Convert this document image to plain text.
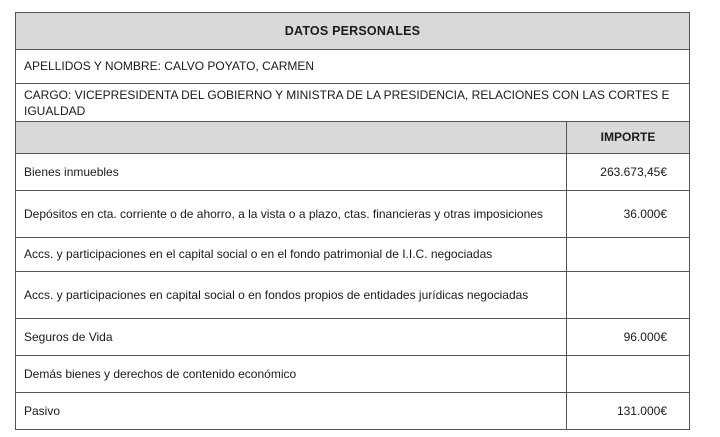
DATOS PERSONALES	
APELLIDOS Y NOMBRE: CALVO POYATO, CARMEN	
CARGO: VICEPRESIDENTA DEL GOBIERNO Y MINISTRA DE LA PRESIDENCIA, RELACIONES CON LAS CORTES E IGUALDAD	
	IMPORTE
Bienes inmuebles	263.673,45€
Depósitos en cta. corriente o de ahorro, a la vista o a plazo, ctas. financieras y otras imposiciones	36.000€
Accs. y participaciones en el capital social o en el fondo patrimonial de I.I.C. negociadas	
Accs. y participaciones en capital social o en fondos propios de entidades jurídicas negociadas	
Seguros de Vida	96.000€
Demás bienes y derechos de contenido económico	
Pasivo	131.000€
